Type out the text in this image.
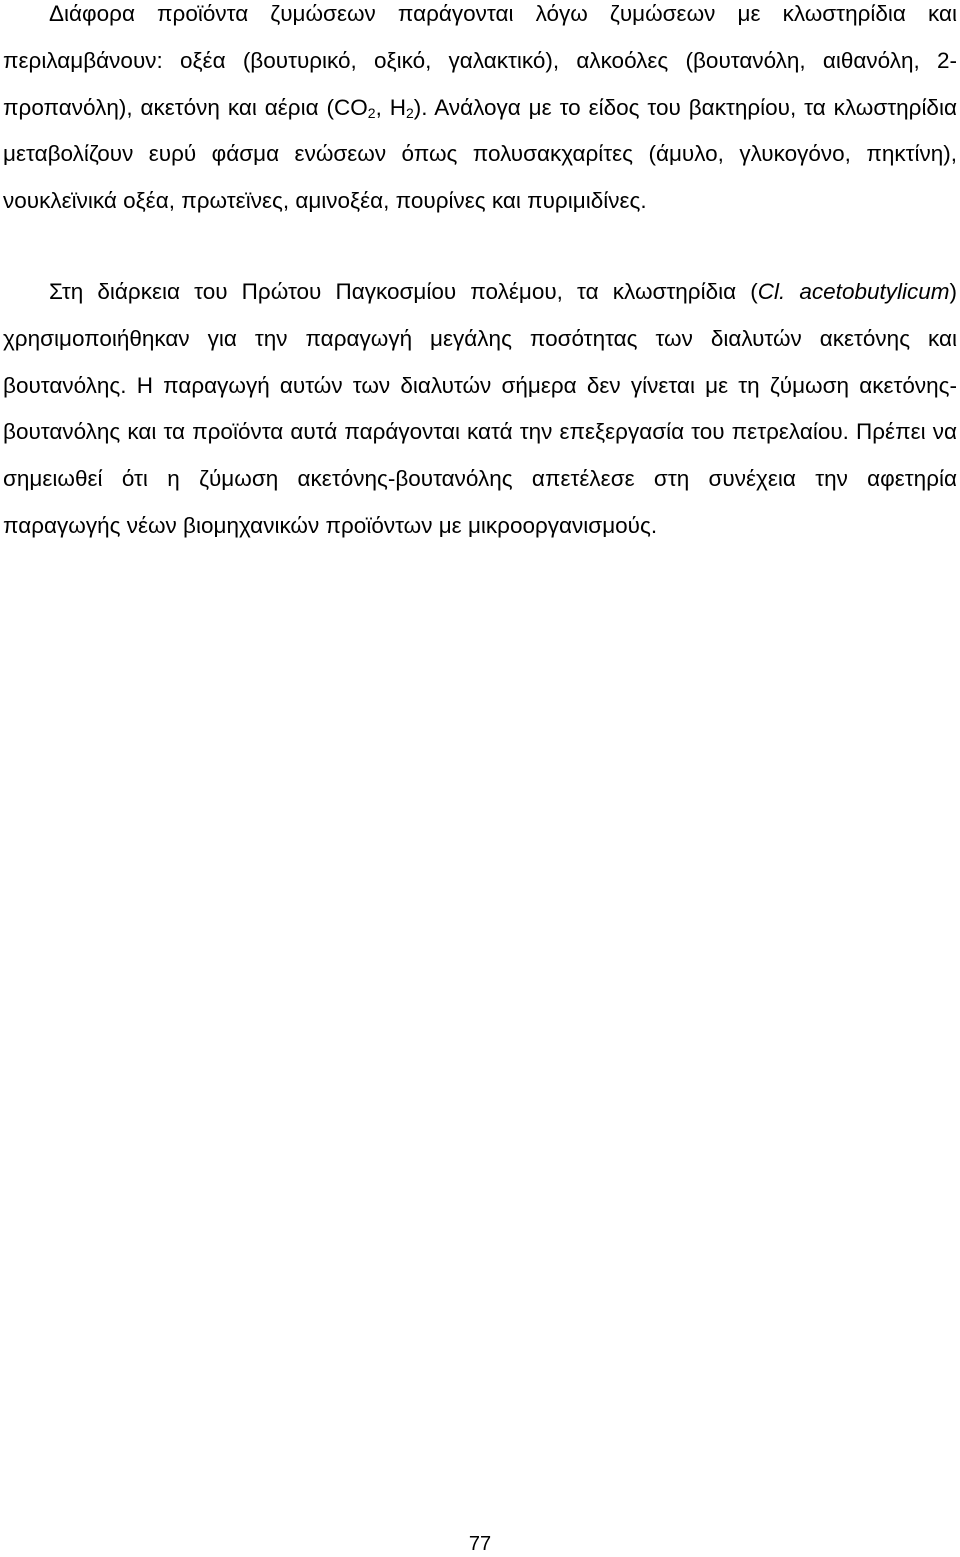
Διάφορα προϊόντα ζυμώσεων παράγονται λόγω ζυμώσεων με κλωστηρίδια και περιλαμβάνουν: οξέα (βουτυρικό, οξικό, γαλακτικό), αλκοόλες (βουτανόλη, αιθανόλη, 2-προπανόλη), ακετόνη και αέρια ($CO_2$, $H_2$). Ανάλογα με το είδος του βακτηρίου, τα κλωστηρίδια μεταβολίζουν ευρύ φάσμα ενώσεων όπως πολυσακχαρίτες (άμυλο, γλυκογόνο, πηκτίνη), νουκλεϊνικά οξέα, πρωτεϊνες, αμινοξέα, πουρίνες και πυριμιδίνες.

Στη διάρκεια του Πρώτου Παγκοσμίου πολέμου, τα κλωστηρίδια (Cl. acetobutylicum) χρησιμοποιήθηκαν για την παραγωγή μεγάλης ποσότητας των διαλυτών ακετόνης και βουτανόλης. Η παραγωγή αυτών των διαλυτών σήμερα δεν γίνεται με τη ζύμωση ακετόνης-βουτανόλης και τα προϊόντα αυτά παράγονται κατά την επεξεργασία του πετρελαίου. Πρέπει να σημειωθεί ότι η ζύμωση ακετόνης-βουτανόλης απετέλεσε στη συνέχεια την αφετηρία παραγωγής νέων βιομηχανικών προϊόντων με μικροοργανισμούς.

77
